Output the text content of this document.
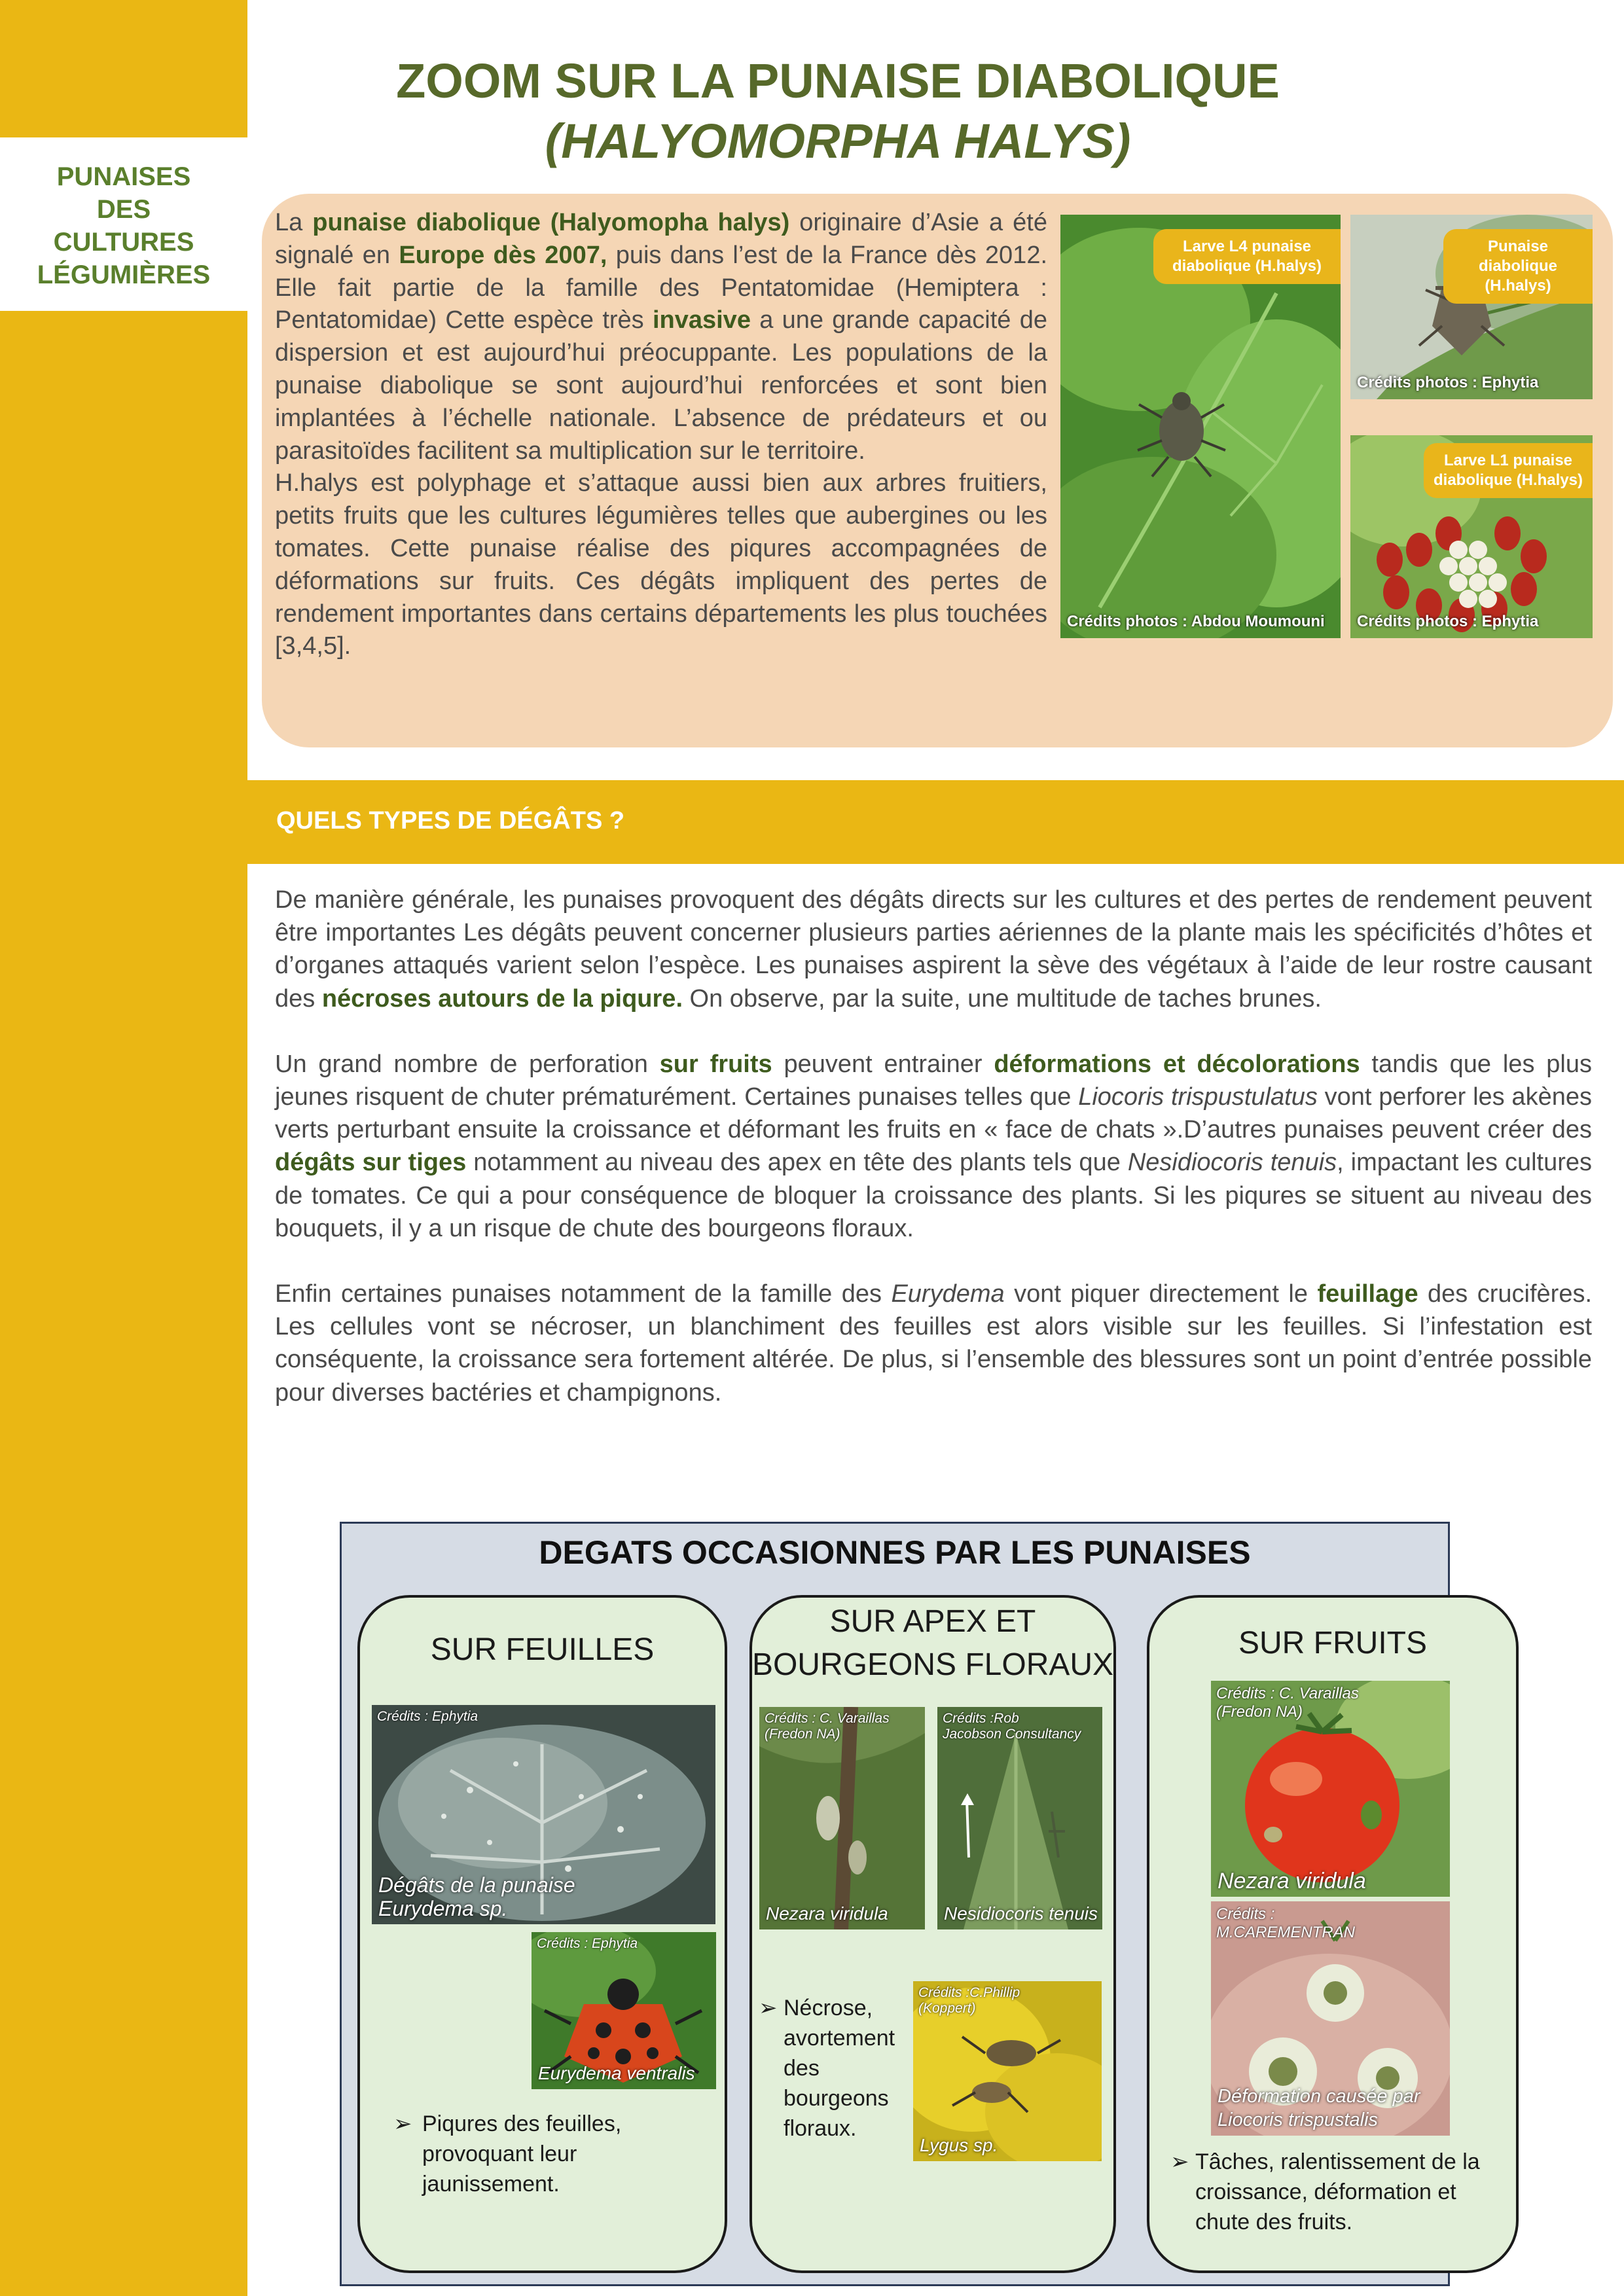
PUNAISES
DES
CULTURES
LÉGUMIÈRES
ZOOM SUR LA PUNAISE DIABOLIQUE
(HALYOMORPHA HALYS)

La punaise diabolique (Halyomopha halys) originaire d’Asie a été signalé en Europe dès 2007, puis dans l’est de la France dès 2012. Elle fait partie de la famille des Pentatomidae (Hemiptera : Pentatomidae) Cette espèce très invasive a une grande capacité de dispersion et est aujourd’hui préocuppante. Les populations de la punaise diabolique se sont aujourd’hui renforcées et sont bien implantées à l’échelle nationale. L’absence de prédateurs et ou parasitoïdes facilitent sa multiplication sur le territoire.

H.halys est polyphage et s’attaque aussi bien aux arbres fruitiers, petits fruits que les cultures légumières telles que aubergines ou les tomates. Cette punaise réalise des piqures accompagnées de déformations sur fruits. Ces dégâts impliquent des pertes de rendement importantes dans certains départements les plus touchées [3,4,5].

Larve L4 punaise diabolique (H.halys)
Crédits photos : Abdou Moumouni
Punaise diabolique (H.halys)
Crédits photos : Ephytia
Larve L1 punaise diabolique (H.halys)
Crédits photos : Ephytia
QUELS TYPES DE DÉGÂTS ?

De manière générale, les punaises provoquent des dégâts directs sur les cultures et des pertes de rendement peuvent être importantes Les dégâts peuvent concerner plusieurs parties aériennes de la plante mais les spécificités d’hôtes et d’organes attaqués varient selon l’espèce. Les punaises aspirent la sève des végétaux à l’aide de leur rostre causant des nécroses autours de la piqure. On observe, par la suite, une multitude de taches brunes.

Un grand nombre de perforation sur fruits peuvent entrainer déformations et décolorations tandis que les plus jeunes risquent de chuter prématurément. Certaines punaises telles que Liocoris trispustulatus vont perforer les akènes verts perturbant ensuite la croissance et déformant les fruits en « face de chats ».D’autres punaises peuvent créer des dégâts sur tiges notamment au niveau des apex en tête des plants tels que Nesidiocoris tenuis, impactant les cultures de tomates. Ce qui a pour conséquence de bloquer la croissance des plants. Si les piqures se situent au niveau des bouquets, il y a un risque de chute des bourgeons floraux.

Enfin certaines punaises notamment de la famille des Eurydema vont piquer directement le feuillage des crucifères. Les cellules vont se nécroser, un blanchiment des feuilles est alors visible sur les feuilles. Si l’infestation est conséquente, la croissance sera fortement altérée. De plus, si l’ensemble des blessures sont un point d’entrée possible pour diverses bactéries et champignons.

DEGATS OCCASIONNES PAR LES PUNAISES
SUR FEUILLES
Crédits : Ephytia
Dégâts de la punaise
Eurydema sp.
Crédits : Ephytia
Eurydema ventralis
➢ Piqures des feuilles,
provoquant leur
jaunissement.
SUR APEX ET
BOURGEONS FLORAUX
Crédits : C. Varaillas
(Fredon NA)
Nezara viridula
Crédits :Rob
Jacobson Consultancy
Nesidiocoris tenuis
Crédits :C.Phillip
(Koppert)
Lygus sp.
➢ Nécrose,
avortement
des
bourgeons
floraux.
SUR FRUITS
Crédits : C. Varaillas
(Fredon NA)
Nezara viridula
Crédits :
M.CAREMENTRAN
Déformation causée par
Liocoris trispustalis
➢ Tâches, ralentissement de la
croissance, déformation et
chute des fruits.
